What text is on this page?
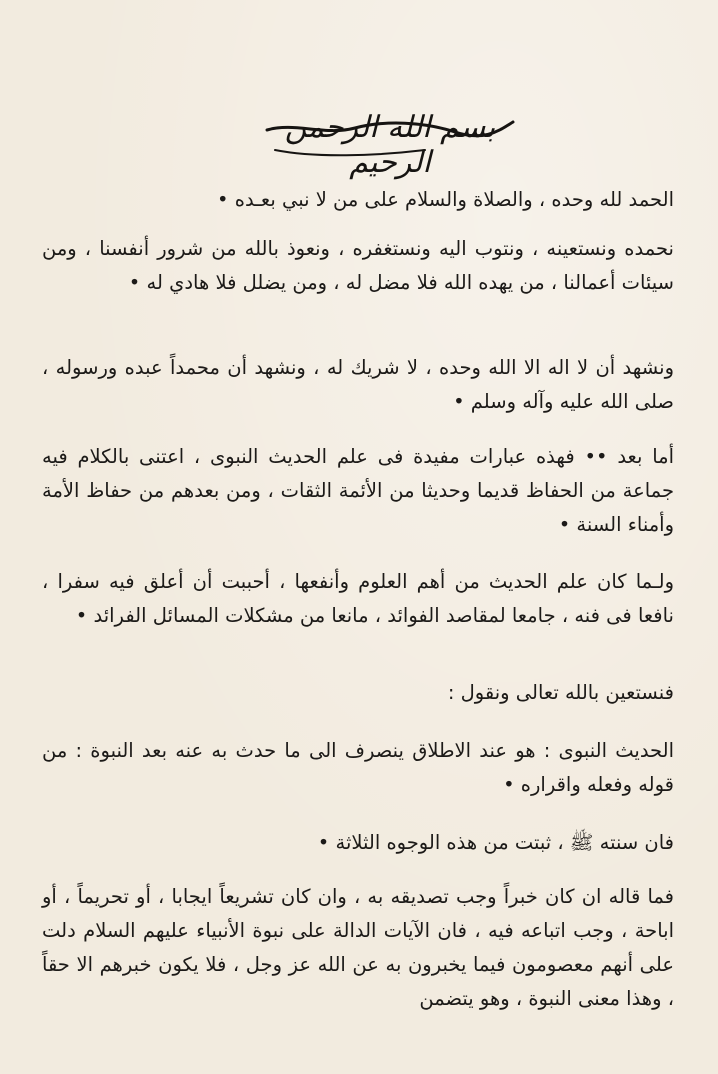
بسم الله الرحمن الرحيم

الحمد لله وحده ، والصلاة والسلام على من لا نبي بعـده •

نحمده ونستعينه ، ونتوب اليه ونستغفره ، ونعوذ بالله من شرور أنفسنا ، ومن سيئات أعمالنا ، من يهده الله فلا مضل له ، ومن يضلل فلا هادي له •

ونشهد أن لا اله الا الله وحده ، لا شريك له ، ونشهد أن محمداً عبده ورسوله ، صلى الله عليه وآله وسلم •

أما بعد •• فهذه عبارات مفيدة فى علم الحديث النبوى ، اعتنى بالكلام فيه جماعة من الحفاظ قديما وحديثا من الأئمة الثقات ، ومن بعدهم من حفاظ الأمة وأمناء السنة •

ولـما كان علم الحديث من أهم العلوم وأنفعها ، أحببت أن أعلق فيه سفرا ، نافعا فى فنه ، جامعا لمقاصد الفوائد ، مانعا من مشكلات المسائل الفرائد •

فنستعين بالله تعالى ونقول :

الحديث النبوى : هو عند الاطلاق ينصرف الى ما حدث به عنه بعد النبوة : من قوله وفعله واقراره •

فان سنته ﷺ ، ثبتت من هذه الوجوه الثلاثة •

فما قاله ان كان خبراً وجب تصديقه به ، وان كان تشريعاً ايجابا ، أو تحريماً ، أو اباحة ، وجب اتباعه فيه ، فان الآيات الدالة على نبوة الأنبياء عليهم السلام دلت على أنهم معصومون فيما يخبرون به عن الله عز وجل ، فلا يكون خبرهم الا حقاً ، وهذا معنى النبوة ، وهو يتضمن
